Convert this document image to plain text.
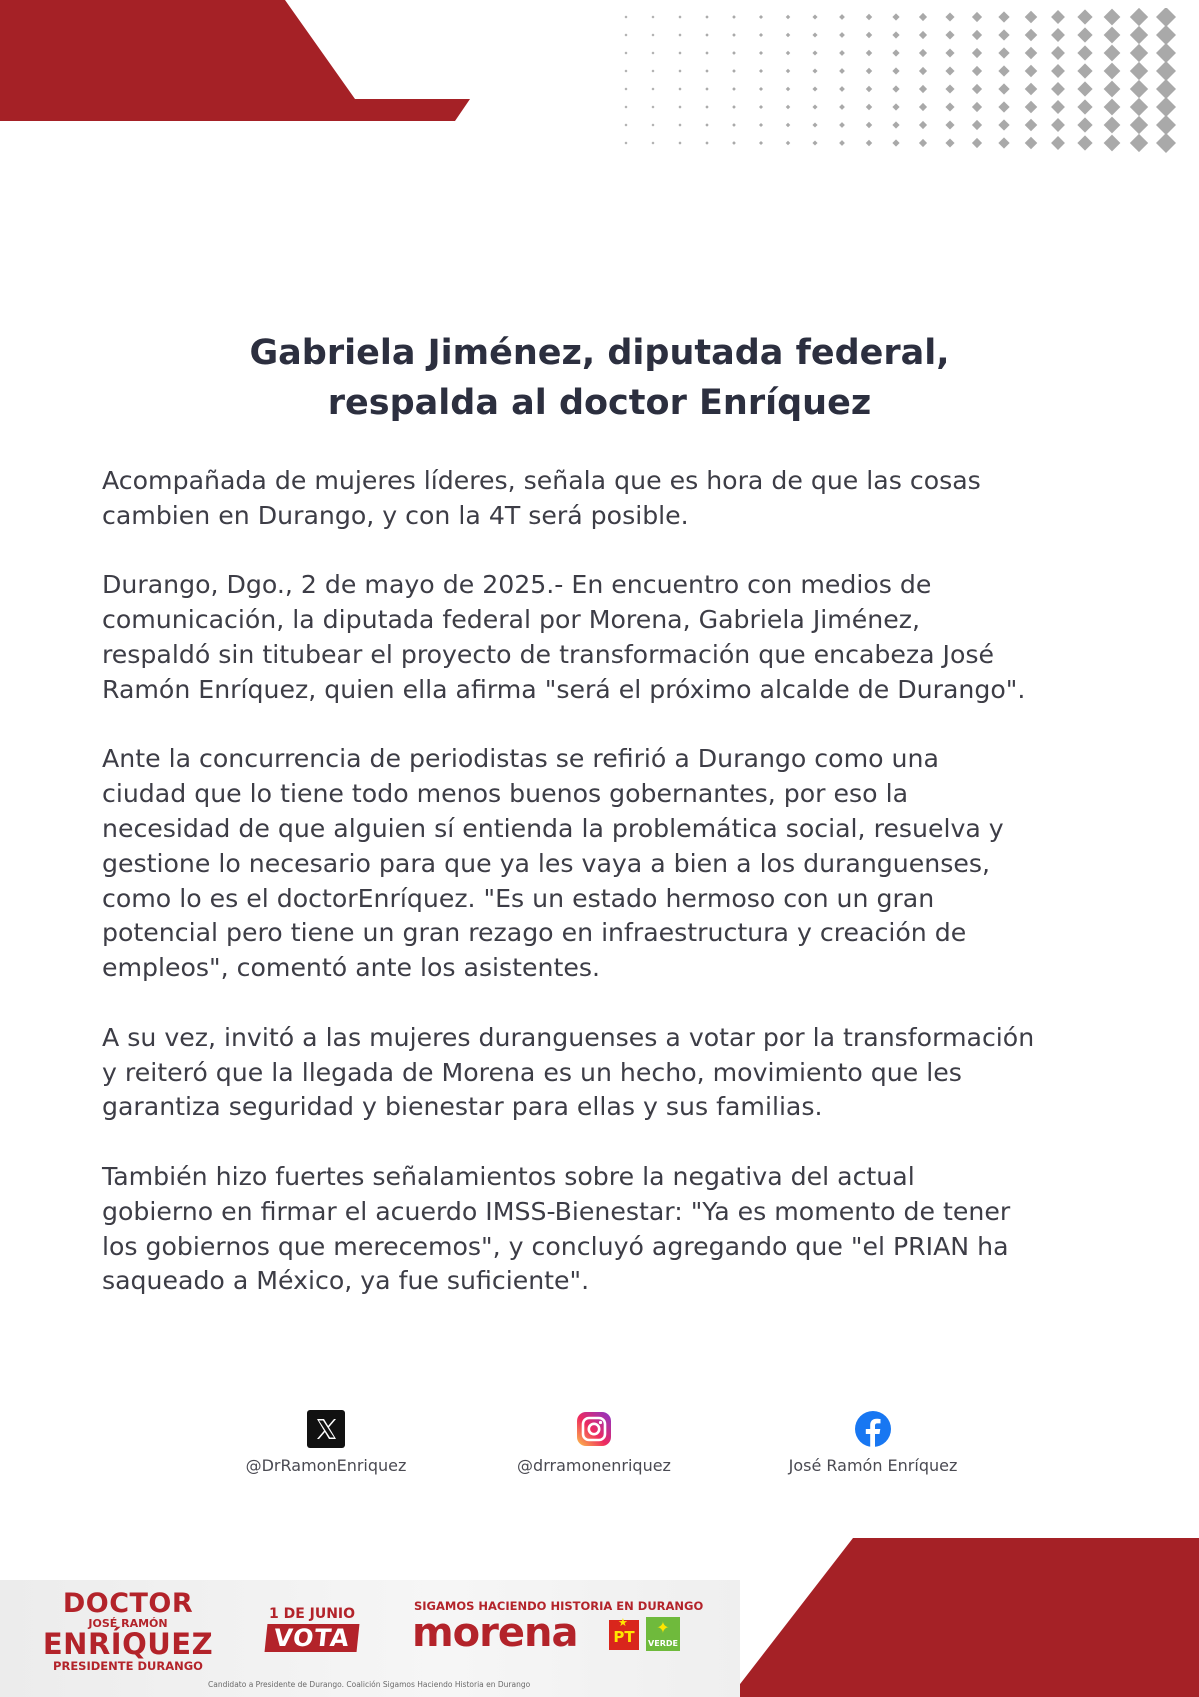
Gabriela Jiménez, diputada federal,
respalda al doctor Enríquez

Acompañada de mujeres líderes, señala que es hora de que las cosas
cambien en Durango, y con la 4T será posible.

Durango, Dgo., 2 de mayo de 2025.- En encuentro con medios de
comunicación, la diputada federal por Morena, Gabriela Jiménez,
respaldó sin titubear el proyecto de transformación que encabeza José
Ramón Enríquez, quien ella afirma "será el próximo alcalde de Durango".

Ante la concurrencia de periodistas se refirió a Durango como una
ciudad que lo tiene todo menos buenos gobernantes, por eso la
necesidad de que alguien sí entienda la problemática social, resuelva y
gestione lo necesario para que ya les vaya a bien a los duranguenses,
como lo es el doctorEnríquez. "Es un estado hermoso con un gran
potencial pero tiene un gran rezago en infraestructura y creación de
empleos", comentó ante los asistentes.

A su vez, invitó a las mujeres duranguenses a votar por la transformación
y reiteró que la llegada de Morena es un hecho, movimiento que les
garantiza seguridad y bienestar para ellas y sus familias.

También hizo fuertes señalamientos sobre la negativa del actual
gobierno en firmar el acuerdo IMSS-Bienestar: "Ya es momento de tener
los gobiernos que merecemos", y concluyó agregando que "el PRIAN ha
saqueado a México, ya fue suficiente".

@DrRamonEnriquez	@drramonenriquez	José Ramón Enríquez
DOCTOR
JOSÉ RAMÓN
ENRÍQUEZ
PRESIDENTE DURANGO
1 DE JUNIO
VOTA
SIGAMOS HACIENDO HISTORIA EN DURANGO
morena	★
PT	✦
VERDE
Candidato a Presidente de Durango. Coalición Sigamos Haciendo Historia en Durango
